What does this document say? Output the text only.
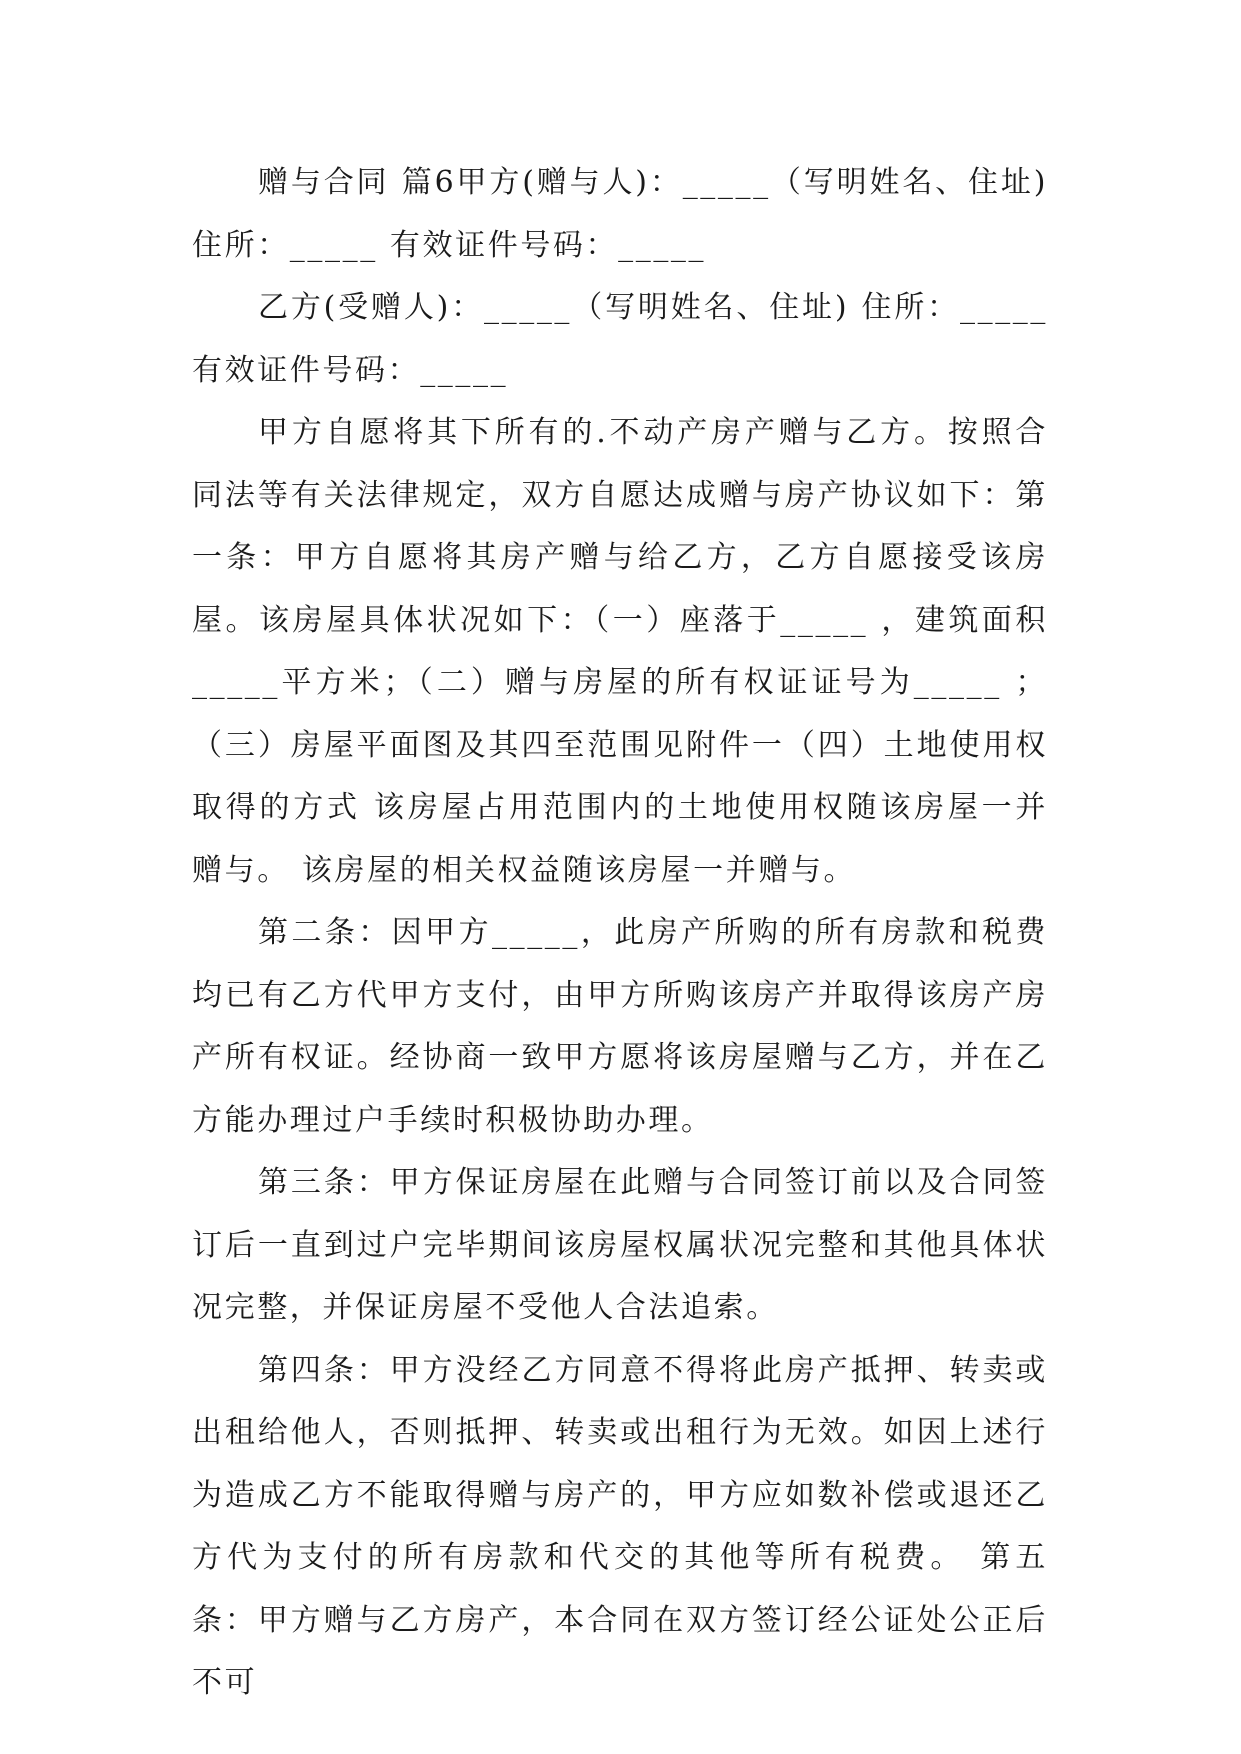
赠与合同 篇6甲方(赠与人)：_____（写明姓名、住址) 住所：_____ 有效证件号码：_____

乙方(受赠人)：_____（写明姓名、住址) 住所：_____ 有效证件号码：_____

甲方自愿将其下所有的.不动产房产赠与乙方。按照合同法等有关法律规定，双方自愿达成赠与房产协议如下：第一条：甲方自愿将其房产赠与给乙方，乙方自愿接受该房屋。该房屋具体状况如下：（一）座落于_____ ，建筑面积_____平方米；（二）赠与房屋的所有权证证号为_____ ；（三）房屋平面图及其四至范围见附件一（四）土地使用权取得的方式 该房屋占用范围内的土地使用权随该房屋一并赠与。 该房屋的相关权益随该房屋一并赠与。

第二条：因甲方_____，此房产所购的所有房款和税费均已有乙方代甲方支付，由甲方所购该房产并取得该房产房产所有权证。经协商一致甲方愿将该房屋赠与乙方，并在乙方能办理过户手续时积极协助办理。

第三条：甲方保证房屋在此赠与合同签订前以及合同签订后一直到过户完毕期间该房屋权属状况完整和其他具体状况完整，并保证房屋不受他人合法追索。

第四条：甲方没经乙方同意不得将此房产抵押、转卖或出租给他人，否则抵押、转卖或出租行为无效。如因上述行为造成乙方不能取得赠与房产的，甲方应如数补偿或退还乙方代为支付的所有房款和代交的其他等所有税费。 第五条：甲方赠与乙方房产，本合同在双方签订经公证处公正后不可
